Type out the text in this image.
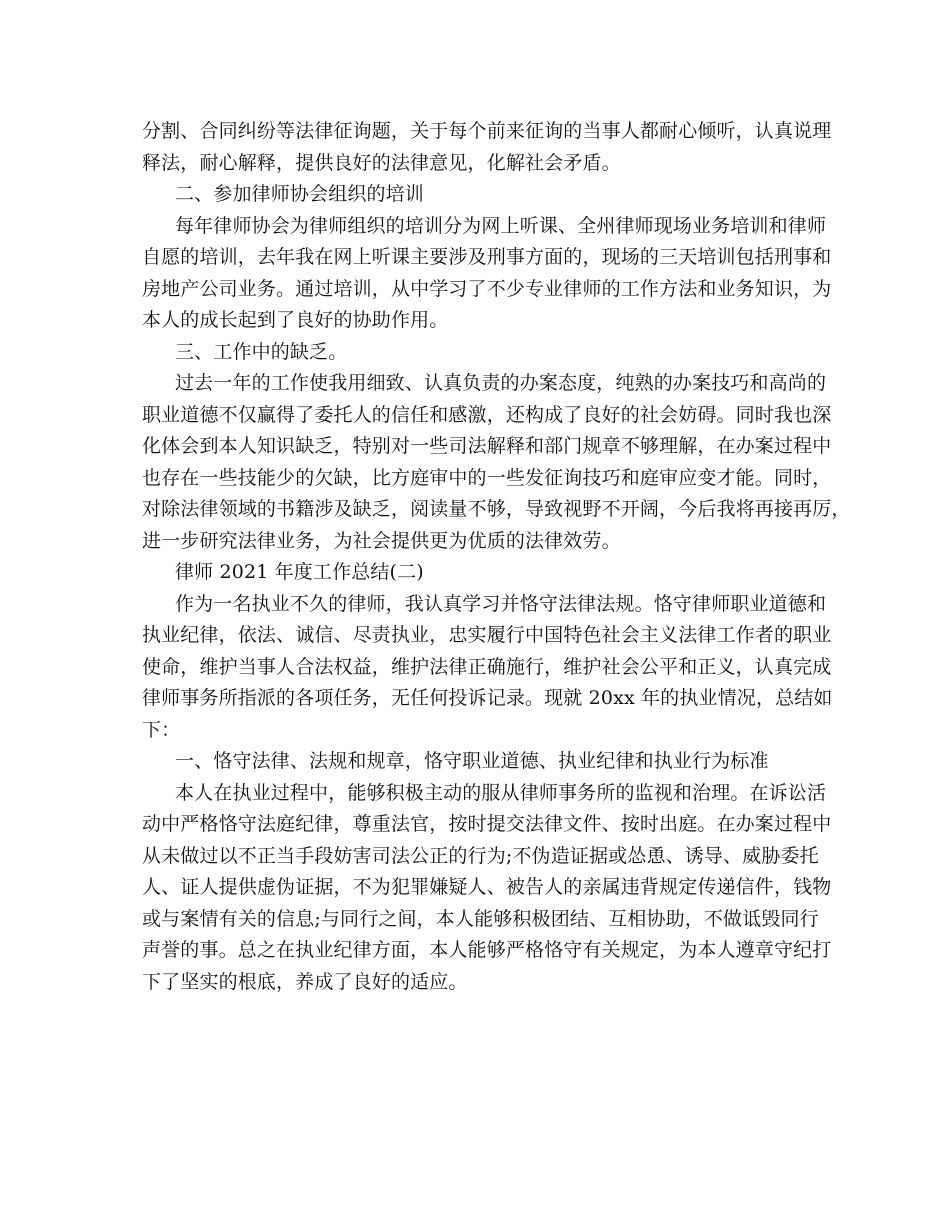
分割、合同纠纷等法律征询题，关于每个前来征询的当事人都耐心倾听，认真说理
释法，耐心解释，提供良好的法律意见，化解社会矛盾。
二、参加律师协会组织的培训
每年律师协会为律师组织的培训分为网上听课、全州律师现场业务培训和律师
自愿的培训，去年我在网上听课主要涉及刑事方面的，现场的三天培训包括刑事和
房地产公司业务。通过培训，从中学习了不少专业律师的工作方法和业务知识，为
本人的成长起到了良好的协助作用。
三、工作中的缺乏。
过去一年的工作使我用细致、认真负责的办案态度，纯熟的办案技巧和高尚的
职业道德不仅赢得了委托人的信任和感激，还构成了良好的社会妨碍。同时我也深
化体会到本人知识缺乏，特别对一些司法解释和部门规章不够理解，在办案过程中
也存在一些技能少的欠缺，比方庭审中的一些发征询技巧和庭审应变才能。同时，
对除法律领域的书籍涉及缺乏，阅读量不够，导致视野不开阔，今后我将再接再厉，
进一步研究法律业务，为社会提供更为优质的法律效劳。
律师 2021 年度工作总结(二)
作为一名执业不久的律师，我认真学习并恪守法律法规。恪守律师职业道德和
执业纪律，依法、诚信、尽责执业，忠实履行中国特色社会主义法律工作者的职业
使命，维护当事人合法权益，维护法律正确施行，维护社会公平和正义，认真完成
律师事务所指派的各项任务，无任何投诉记录。现就 20xx 年的执业情况，总结如
下：
一、恪守法律、法规和规章，恪守职业道德、执业纪律和执业行为标准
本人在执业过程中，能够积极主动的服从律师事务所的监视和治理。在诉讼活
动中严格恪守法庭纪律，尊重法官，按时提交法律文件、按时出庭。在办案过程中
从未做过以不正当手段妨害司法公正的行为;不伪造证据或怂恿、诱导、威胁委托
人、证人提供虚伪证据，不为犯罪嫌疑人、被告人的亲属违背规定传递信件，钱物
或与案情有关的信息;与同行之间，本人能够积极团结、互相协助，不做诋毁同行
声誉的事。总之在执业纪律方面，本人能够严格恪守有关规定，为本人遵章守纪打
下了坚实的根底，养成了良好的适应。
